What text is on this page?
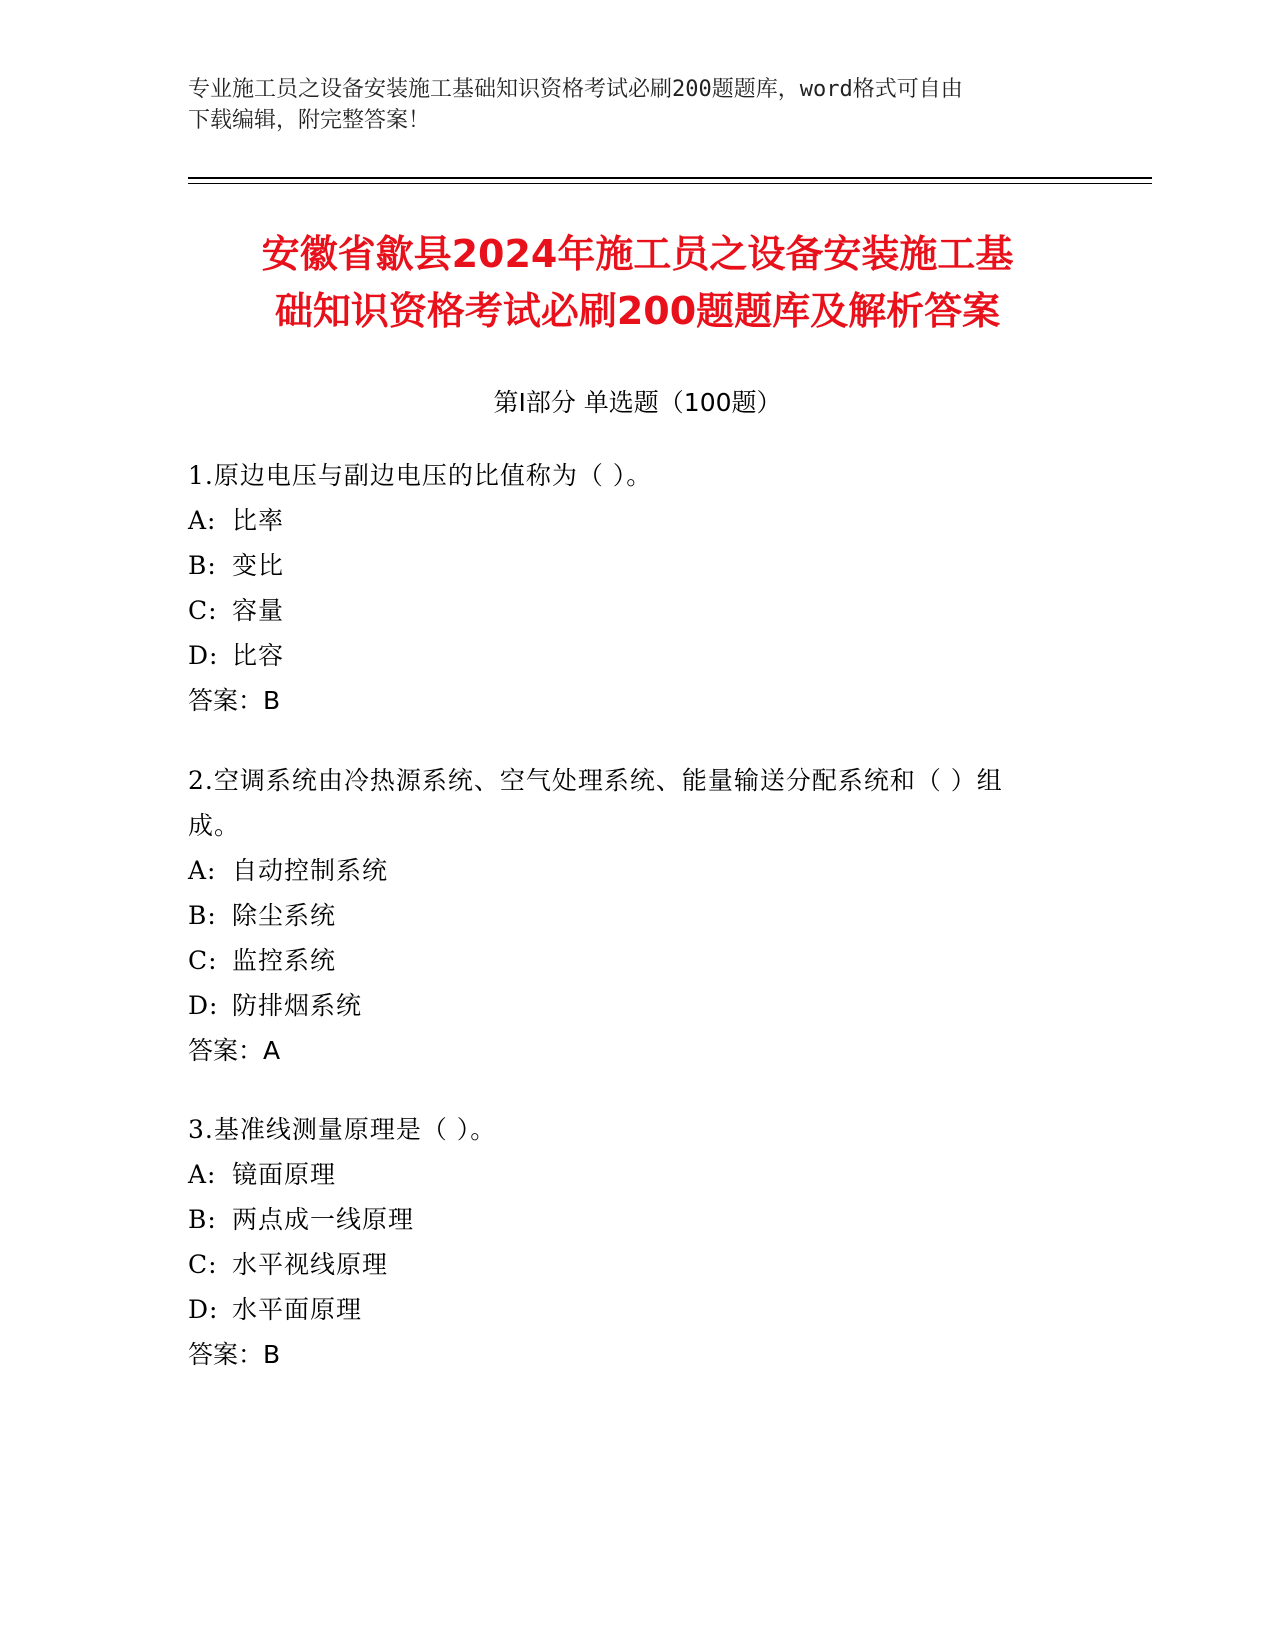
专业施工员之设备安装施工基础知识资格考试必刷200题题库，word格式可自由
下载编辑，附完整答案！
安徽省歙县2024年施工员之设备安装施工基
础知识资格考试必刷200题题库及解析答案
第Ⅰ部分 单选题（100题）

1.原边电压与副边电压的比值称为（ ）。

A: 比率
B: 变比
C: 容量
D: 比容
答案：B

2.空调系统由冷热源系统、空气处理系统、能量输送分配系统和（ ）组成。

A: 自动控制系统
B: 除尘系统
C: 监控系统
D: 防排烟系统
答案：A

3.基准线测量原理是（ ）。

A: 镜面原理
B: 两点成一线原理
C: 水平视线原理
D: 水平面原理
答案：B
